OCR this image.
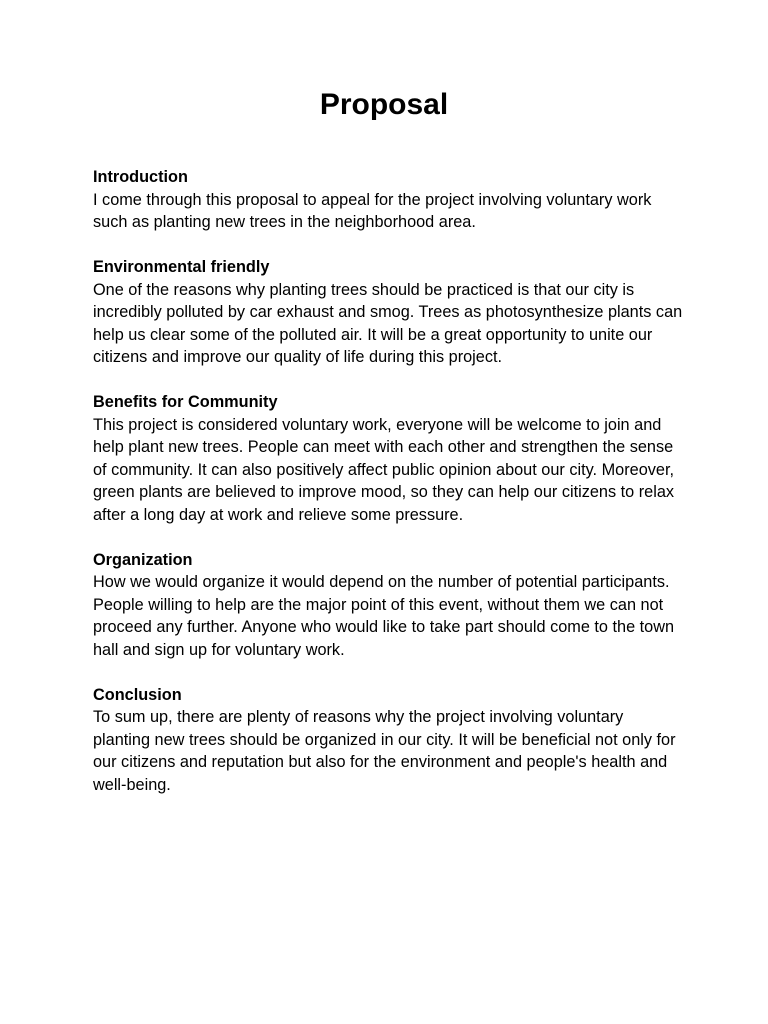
Proposal

Introduction

I come through this proposal to appeal for the project involving voluntary work such as planting new trees in the neighborhood area.

Environmental friendly

One of the reasons why planting trees should be practiced is that our city is incredibly polluted by car exhaust and smog. Trees as photosynthesize plants can help us clear some of the polluted air. It will be a great opportunity to unite our citizens and improve our quality of life during this project.

Benefits for Community

This project is considered voluntary work, everyone will be welcome to join and help plant new trees. People can meet with each other and strengthen the sense of community. It can also positively affect public opinion about our city. Moreover, green plants are believed to improve mood, so they can help our citizens to relax after a long day at work and relieve some pressure.

Organization

How we would organize it would depend on the number of potential participants. People willing to help are the major point of this event, without them we can not proceed any further. Anyone who would like to take part should come to the town hall and sign up for voluntary work.

Conclusion

To sum up, there are plenty of reasons why the project involving voluntary planting new trees should be organized in our city. It will be beneficial not only for our citizens and reputation but also for the environment and people's health and well-being.
